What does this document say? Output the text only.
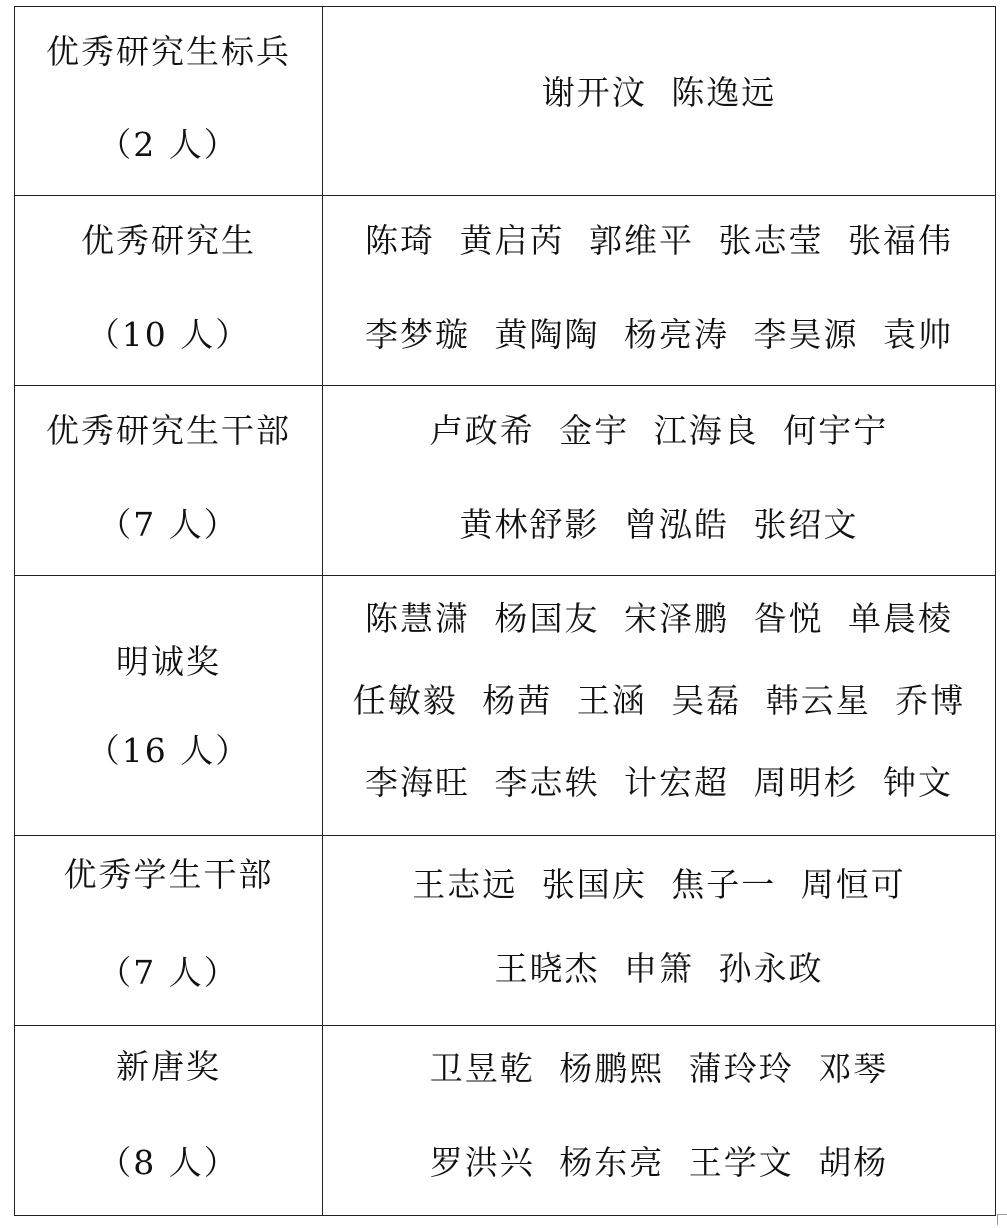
优秀研究生标兵
（2 人）	谢开汶 陈逸远

优秀研究生
（10 人）	陈琦 黄启芮 郭维平 张志莹 张福伟
李梦璇 黄陶陶 杨亮涛 李昊源 袁帅

优秀研究生干部
（7 人）	卢政希 金宇 江海良 何宇宁
黄林舒影 曾泓皓 张绍文

明诚奖
（16 人）	陈慧潇 杨国友 宋泽鹏 昝悦 单晨棱
任敏毅 杨茜 王涵 吴磊 韩云星 乔博
李海旺 李志轶 计宏超 周明杉 钟文

优秀学生干部
（7 人）	王志远 张国庆 焦子一 周恒可
王晓杰 申箫 孙永政

新唐奖
（8 人）	卫昱乾 杨鹏熙 蒲玲玲 邓琴
罗洪兴 杨东亮 王学文 胡杨
